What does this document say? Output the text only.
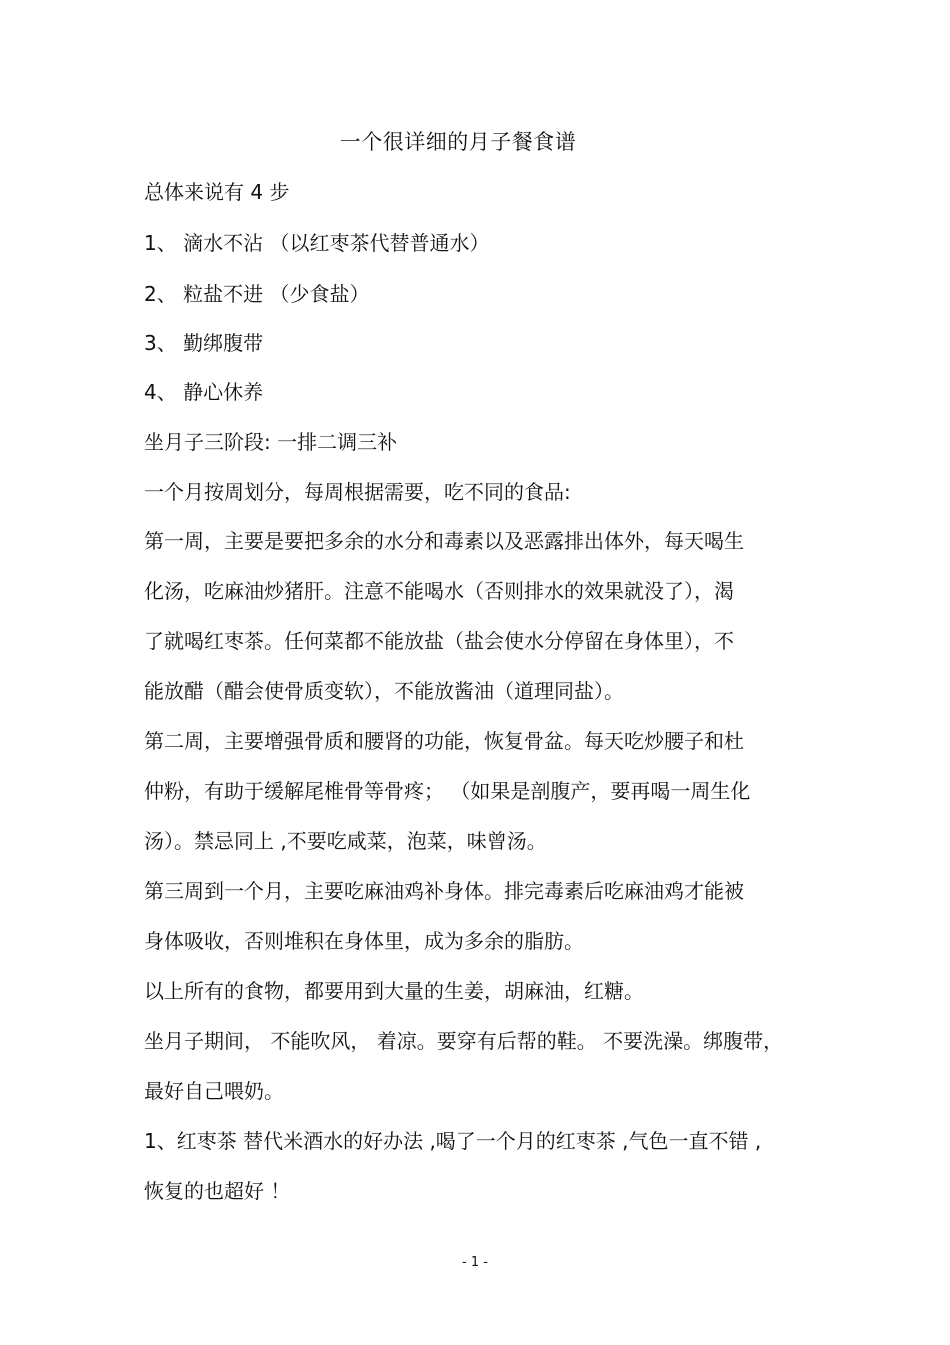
一个很详细的月子餐食谱
总体来说有 4 步
1、 滴水不沾 （以红枣茶代替普通水）
2、 粒盐不进 （少食盐）
3、 勤绑腹带
4、 静心休养
坐月子三阶段: 一排二调三补
一个月按周划分，每周根据需要，吃不同的食品:
第一周，主要是要把多余的水分和毒素以及恶露排出体外，每天喝生
化汤，吃麻油炒猪肝。注意不能喝水（否则排水的效果就没了），渴
了就喝红枣茶。任何菜都不能放盐（盐会使水分停留在身体里），不
能放醋（醋会使骨质变软），不能放酱油（道理同盐）。
第二周，主要增强骨质和腰肾的功能，恢复骨盆。每天吃炒腰子和杜
仲粉，有助于缓解尾椎骨等骨疼； （如果是剖腹产，要再喝一周生化
汤）。禁忌同上 ,不要吃咸菜，泡菜，味曾汤。
第三周到一个月，主要吃麻油鸡补身体。排完毒素后吃麻油鸡才能被
身体吸收，否则堆积在身体里，成为多余的脂肪。
以上所有的食物，都要用到大量的生姜，胡麻油，红糖。
坐月子期间， 不能吹风， 着凉。要穿有后帮的鞋。 不要洗澡。绑腹带，
最好自己喂奶。
1、红枣茶 替代米酒水的好办法 ,喝了一个月的红枣茶 ,气色一直不错 ,
恢复的也超好 ！
- 1 -
